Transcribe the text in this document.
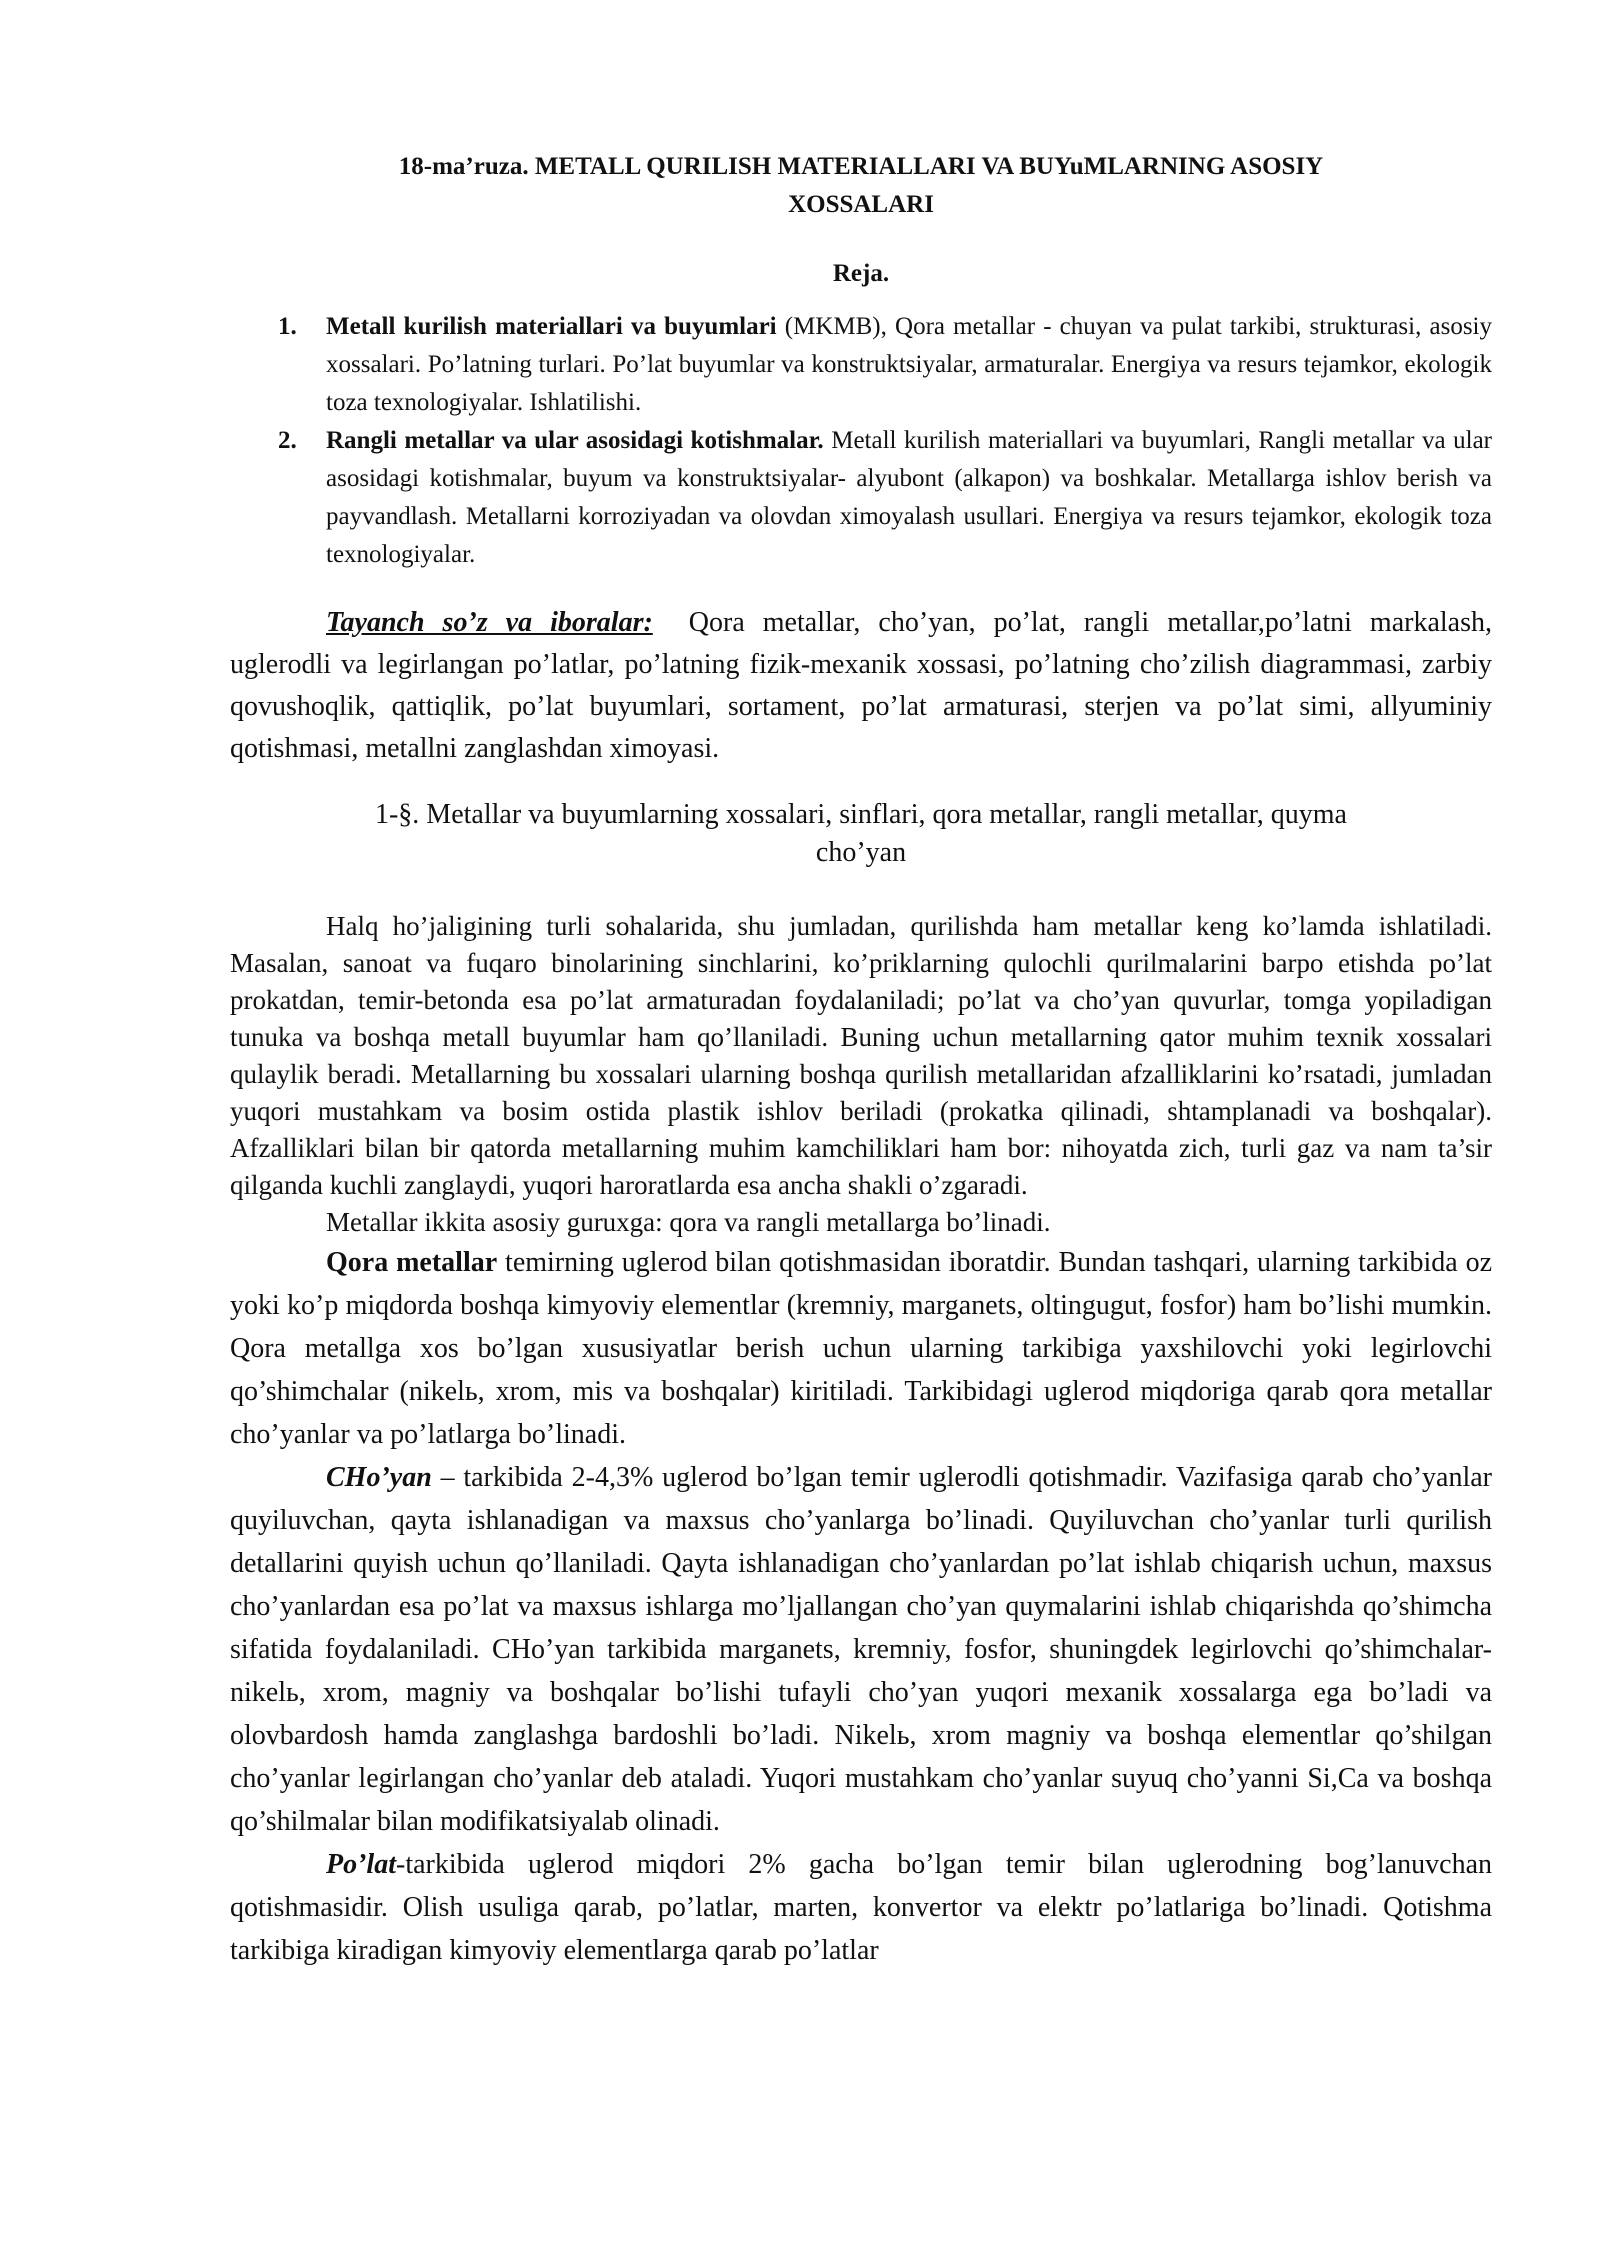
18-ma’ruza. METALL QURILISH MATERIALLARI VA BUYuMLARNING ASOSIY
XOSSALARI
Reja.
1. Metall kurilish materiallari va buyumlari (MKMB), Qora metallar - chuyan va pulat tarkibi, strukturasi, asosiy xossalari. Po’latning turlari. Po’lat buyumlar va konstruktsiyalar, armaturalar. Energiya va resurs tejamkor, ekologik toza texnologiyalar. Ishlatilishi.
2. Rangli metallar va ular asosidagi kotishmalar. Metall kurilish materiallari va buyumlari, Rangli metallar va ular asosidagi kotishmalar, buyum va konstruktsiyalar- alyubont (alkapon) va boshkalar. Metallarga ishlov berish va payvandlash. Metallarni korroziyadan va olovdan ximoyalash usullari. Energiya va resurs tejamkor, ekologik toza texnologiyalar.

Tayanch so’z va iboralar: Qora metallar, cho’yan, po’lat, rangli metallar,po’latni markalash, uglerodli va legirlangan po’latlar, po’latning fizik-mexanik xossasi, po’latning cho’zilish diagrammasi, zarbiy qovushoqlik, qattiqlik, po’lat buyumlari, sortament, po’lat armaturasi, sterjen va po’lat simi, allyuminiy qotishmasi, metallni zanglashdan ximoyasi.

1-§. Metallar va buyumlarning xossalari, sinflari, qora metallar, rangli metallar, quyma
cho’yan

Halq ho’jaligining turli sohalarida, shu jumladan, qurilishda ham metallar keng ko’lamda ishlatiladi. Masalan, sanoat va fuqaro binolarining sinchlarini, ko’priklarning qulochli qurilmalarini barpo etishda po’lat prokatdan, temir-betonda esa po’lat armaturadan foydalaniladi; po’lat va cho’yan quvurlar, tomga yopiladigan tunuka va boshqa metall buyumlar ham qo’llaniladi. Buning uchun metallarning qator muhim texnik xossalari qulaylik beradi. Metallarning bu xossalari ularning boshqa qurilish metallaridan afzalliklarini ko’rsatadi, jumladan yuqori mustahkam va bosim ostida plastik ishlov beriladi (prokatka qilinadi, shtamplanadi va boshqalar). Afzalliklari bilan bir qatorda metallarning muhim kamchiliklari ham bor: nihoyatda zich, turli gaz va nam ta’sir qilganda kuchli zanglaydi, yuqori haroratlarda esa ancha shakli o’zgaradi.

Metallar ikkita asosiy guruxga: qora va rangli metallarga bo’linadi.

Qora metallar temirning uglerod bilan qotishmasidan iboratdir. Bundan tashqari, ularning tarkibida oz yoki ko’p miqdorda boshqa kimyoviy elementlar (kremniy, marganets, oltingugut, fosfor) ham bo’lishi mumkin. Qora metallga xos bo’lgan xususiyatlar berish uchun ularning tarkibiga yaxshilovchi yoki legirlovchi qo’shimchalar (nikelь, xrom, mis va boshqalar) kiritiladi. Tarkibidagi uglerod miqdoriga qarab qora metallar cho’yanlar va po’latlarga bo’linadi.

CHo’yan – tarkibida 2-4,3% uglerod bo’lgan temir uglerodli qotishmadir. Vazifasiga qarab cho’yanlar quyiluvchan, qayta ishlanadigan va maxsus cho’yanlarga bo’linadi. Quyiluvchan cho’yanlar turli qurilish detallarini quyish uchun qo’llaniladi. Qayta ishlanadigan cho’yanlardan po’lat ishlab chiqarish uchun, maxsus cho’yanlardan esa po’lat va maxsus ishlarga mo’ljallangan cho’yan quymalarini ishlab chiqarishda qo’shimcha sifatida foydalaniladi. CHo’yan tarkibida marganets, kremniy, fosfor, shuningdek legirlovchi qo’shimchalar-nikelь, xrom, magniy va boshqalar bo’lishi tufayli cho’yan yuqori mexanik xossalarga ega bo’ladi va olovbardosh hamda zanglashga bardoshli bo’ladi. Nikelь, xrom magniy va boshqa elementlar qo’shilgan cho’yanlar legirlangan cho’yanlar deb ataladi. Yuqori mustahkam cho’yanlar suyuq cho’yanni Si,Ca va boshqa qo’shilmalar bilan modifikatsiyalab olinadi.

Po’lat-tarkibida uglerod miqdori 2% gacha bo’lgan temir bilan uglerodning bog’lanuvchan qotishmasidir. Olish usuliga qarab, po’latlar, marten, konvertor va elektr po’latlariga bo’linadi. Qotishma tarkibiga kiradigan kimyoviy elementlarga qarab po’latlar
